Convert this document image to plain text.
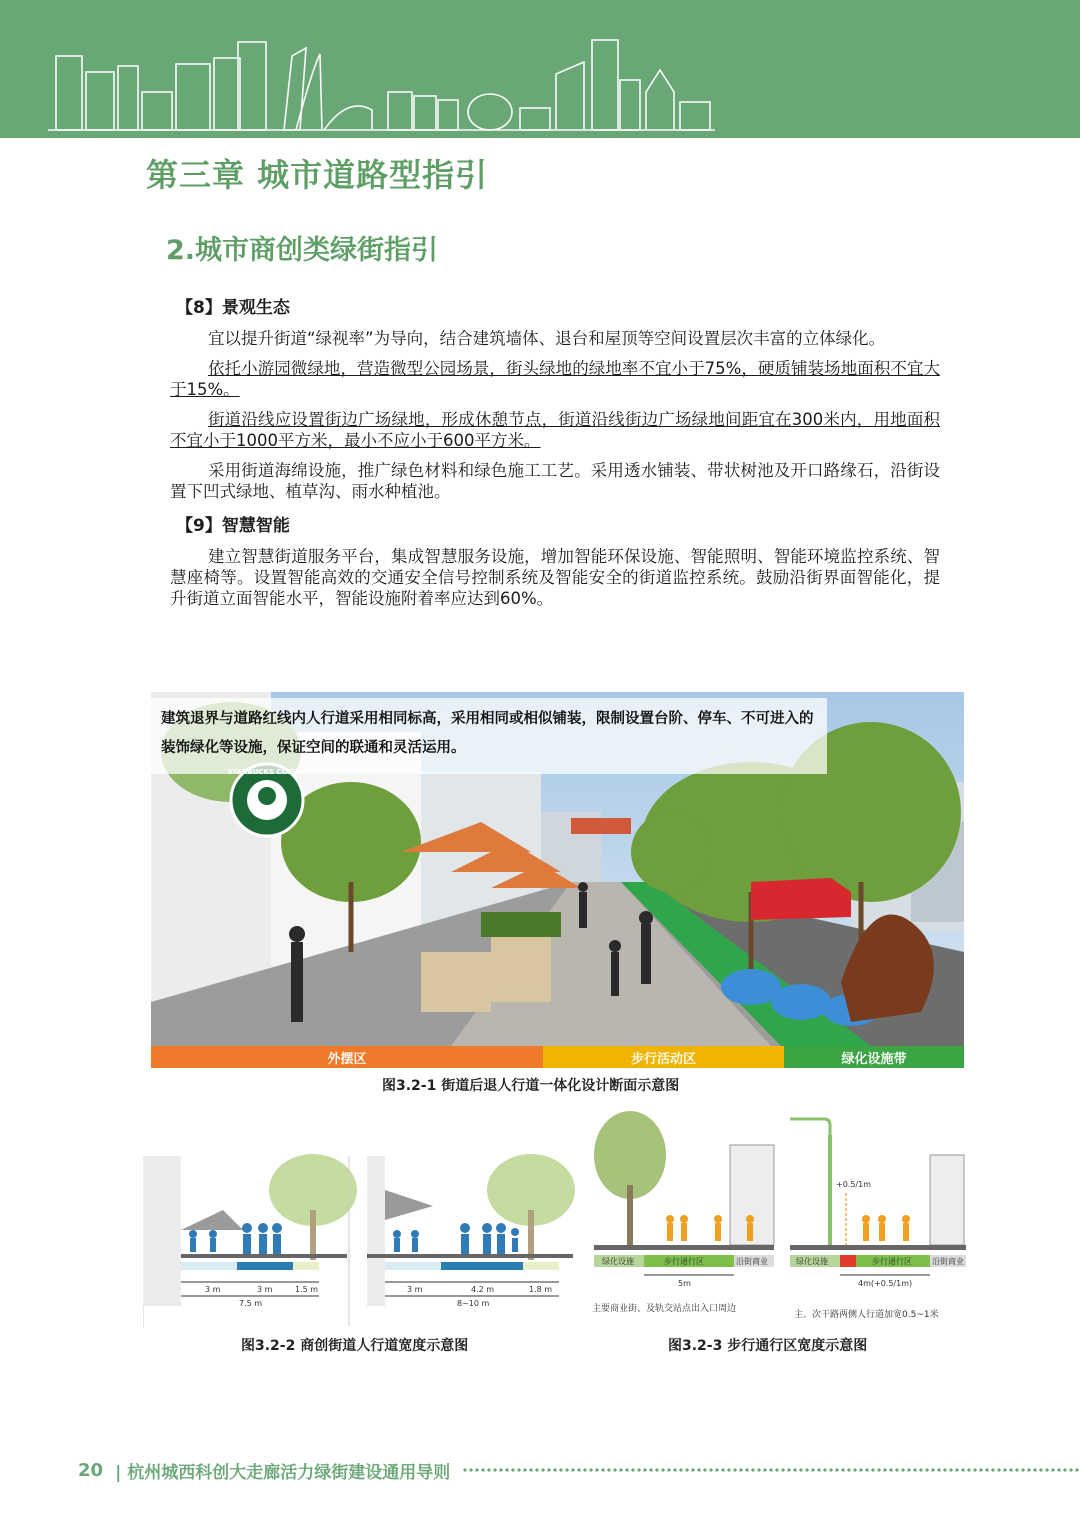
第三章 城市道路型指引
2.城市商创类绿街指引
【8】景观生态

宜以提升街道“绿视率”为导向，结合建筑墙体、退台和屋顶等空间设置层次丰富的立体绿化。

依托小游园微绿地，营造微型公园场景，街头绿地的绿地率不宜小于75%，硬质铺装场地面积不宜大于15%。

街道沿线应设置街边广场绿地，形成休憩节点，街道沿线街边广场绿地间距宜在300米内，用地面积不宜小于1000平方米，最小不应小于600平方米。

采用街道海绵设施，推广绿色材料和绿色施工工艺。采用透水铺装、带状树池及开口路缘石，沿街设置下凹式绿地、植草沟、雨水种植池。

【9】智慧智能

建立智慧街道服务平台，集成智慧服务设施，增加智能环保设施、智能照明、智能环境监控系统、智慧座椅等。设置智能高效的交通安全信号控制系统及智能安全的街道监控系统。鼓励沿街界面智能化，提升街道立面智能水平，智能设施附着率应达到60%。

建筑退界与道路红线内人行道采用相同标高，采用相同或相似铺装，限制设置台阶、停车、不可进入的装饰绿化等设施，保证空间的联通和灵活运用。
外摆区	步行活动区	绿化设施带
图3.2-1 街道后退人行道一体化设计断面示意图
3 m	3 m	1.5 m
7.5 m
3 m	4.2 m	1.8 m
8~10 m
图3.2-2 商创街道人行道宽度示意图
绿化设施	步行通行区	沿街商业
5m
主要商业街、及轨交站点出入口周边
+0.5/1m
绿化设施	步行通行区	沿街商业
4m(+0.5/1m)
主、次干路两侧人行道加宽0.5~1米
图3.2-3 步行通行区宽度示意图
20 | 杭州城西科创大走廊活力绿街建设通用导则
